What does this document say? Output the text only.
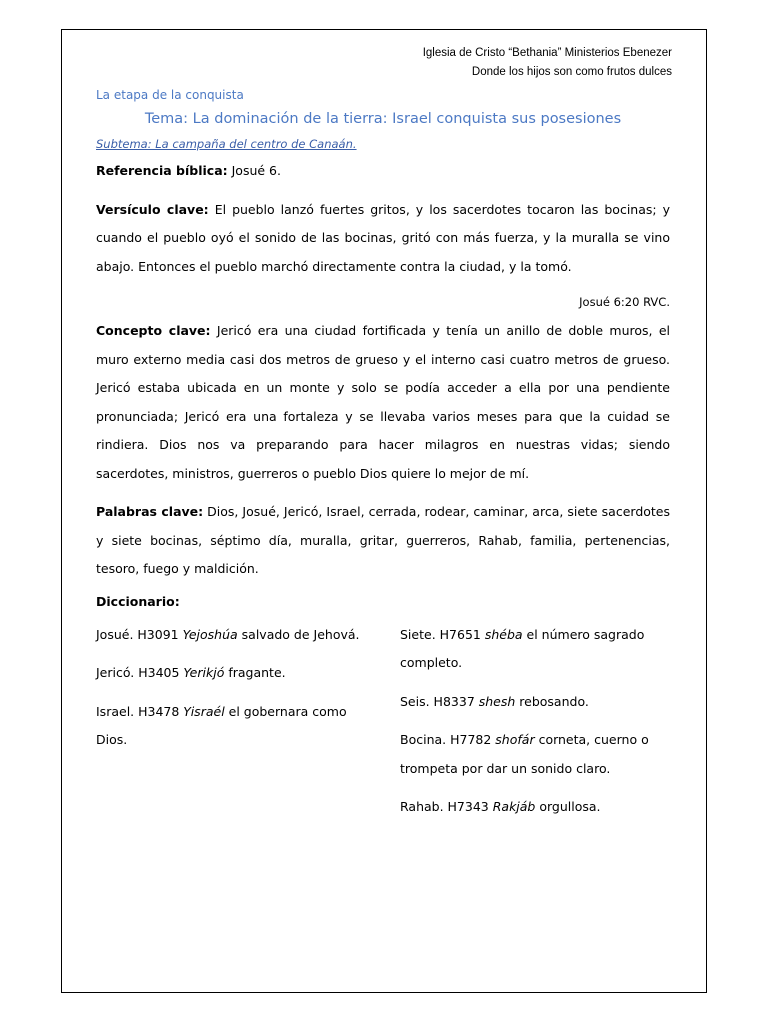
Iglesia de Cristo “Bethania” Ministerios Ebenezer
Donde los hijos son como frutos dulces
La etapa de la conquista
Tema: La dominación de la tierra: Israel conquista sus posesiones
Subtema: La campaña del centro de Canaán.

Referencia bíblica: Josué 6.

Versículo clave: El pueblo lanzó fuertes gritos, y los sacerdotes tocaron las bocinas; y cuando el pueblo oyó el sonido de las bocinas, gritó con más fuerza, y la muralla se vino abajo. Entonces el pueblo marchó directamente contra la ciudad, y la tomó.

Josué 6:20 RVC.

Concepto clave: Jericó era una ciudad fortificada y tenía un anillo de doble muros, el muro externo media casi dos metros de grueso y el interno casi cuatro metros de grueso. Jericó estaba ubicada en un monte y solo se podía acceder a ella por una pendiente pronunciada; Jericó era una fortaleza y se llevaba varios meses para que la cuidad se rindiera. Dios nos va preparando para hacer milagros en nuestras vidas; siendo sacerdotes, ministros, guerreros o pueblo Dios quiere lo mejor de mí.

Palabras clave: Dios, Josué, Jericó, Israel, cerrada, rodear, caminar, arca, siete sacerdotes y siete bocinas, séptimo día, muralla, gritar, guerreros, Rahab, familia, pertenencias, tesoro, fuego y maldición.

Diccionario:
Josué. H3091 Yejoshúa salvado de Jehová.
Jericó. H3405 Yerikjó fragante.
Israel. H3478 Yisraél el gobernara como Dios.
Siete. H7651 shéba el número sagrado completo.
Seis. H8337 shesh rebosando.
Bocina. H7782 shofár corneta, cuerno o trompeta por dar un sonido claro.
Rahab. H7343 Rakjáb orgullosa.
